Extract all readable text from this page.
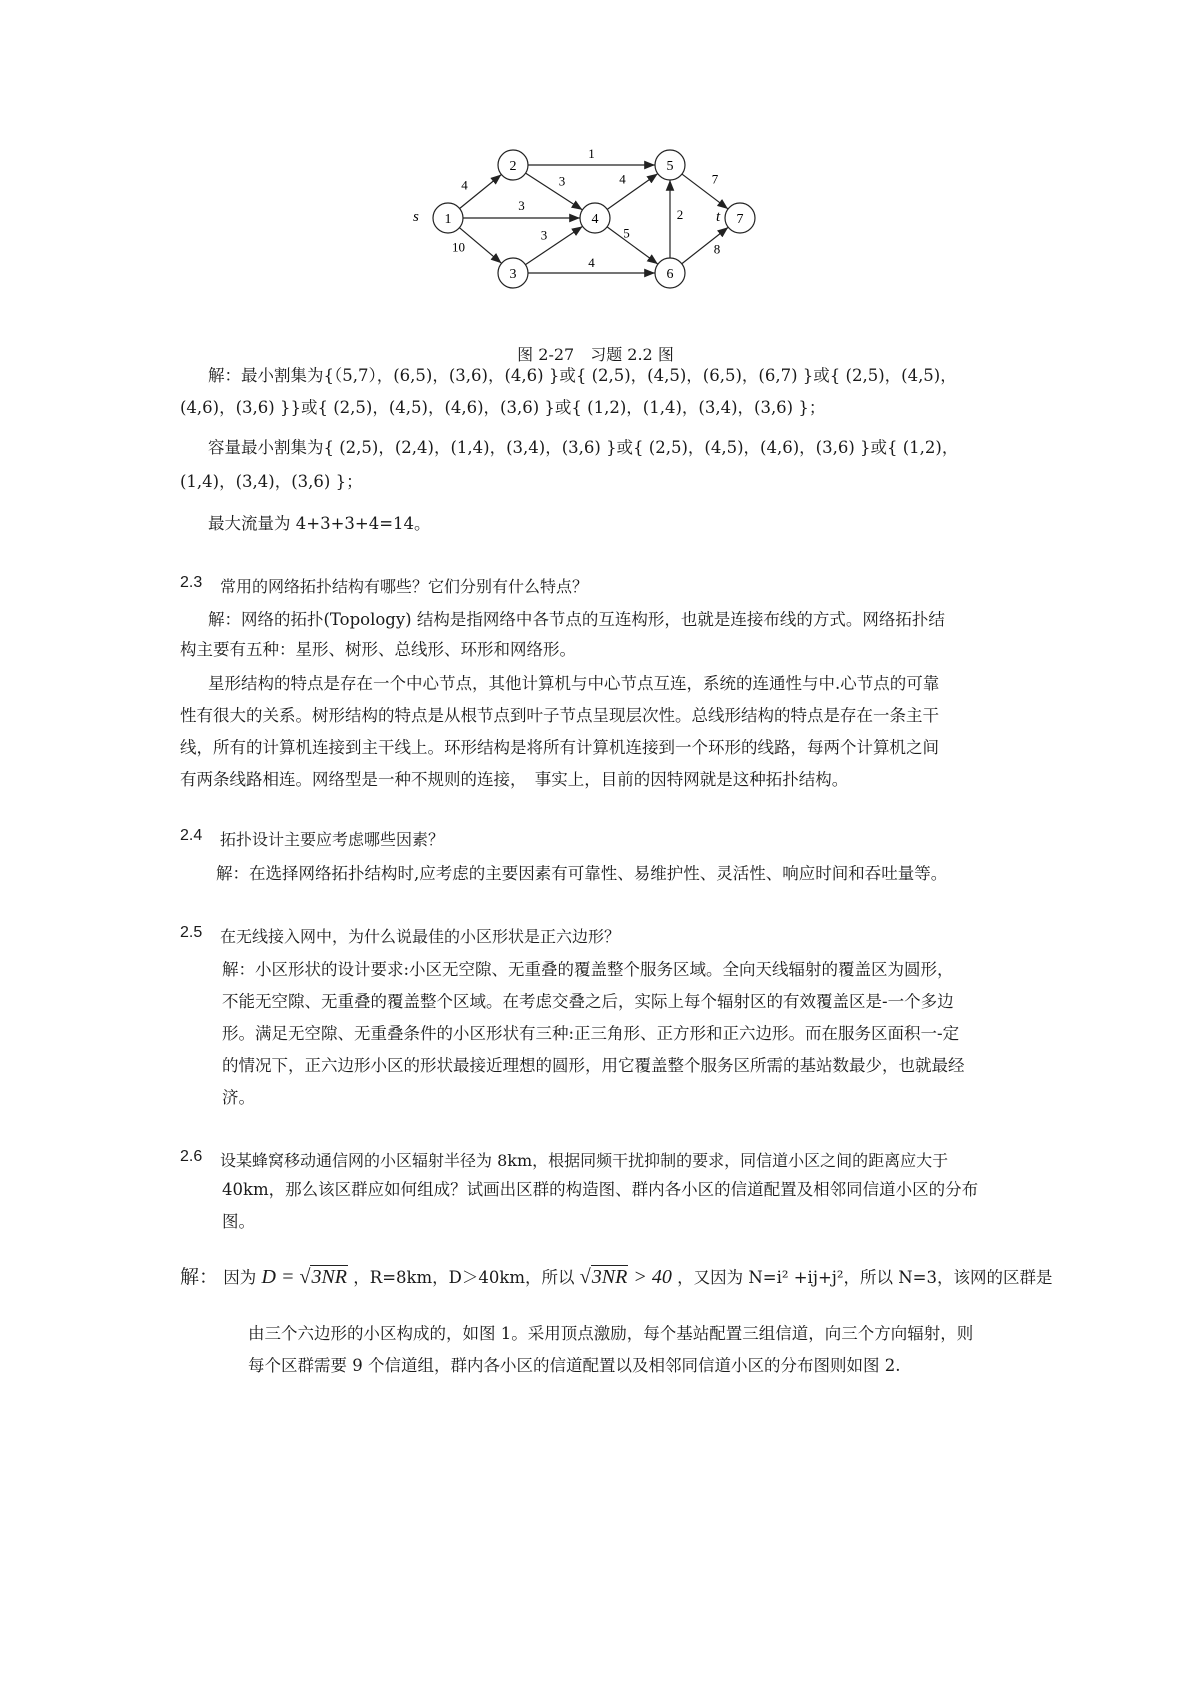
4
3
10
1
3
3
4
4
5
2
7
8
1
2
3
4
5
6
7
s	t
图 2-27　习题 2.2 图
解：最小割集为{（5,7），(6,5)，(3,6)，(4,6) }或{ (2,5)，(4,5)，(6,5)，(6,7) }或{ (2,5)，(4,5)，
(4,6)，(3,6) }}或{ (2,5)，(4,5)，(4,6)，(3,6) }或{ (1,2)，(1,4)，(3,4)，(3,6) }；
容量最小割集为{ (2,5)，(2,4)，(1,4)，(3,4)，(3,6) }或{ (2,5)，(4,5)，(4,6)，(3,6) }或{ (1,2)，
(1,4)，(3,4)，(3,6) }；
最大流量为 4+3+3+4=14。
2.3 常用的网络拓扑结构有哪些？它们分别有什么特点？
解：网络的拓扑(Topology) 结构是指网络中各节点的互连构形，也就是连接布线的方式。网络拓扑结
构主要有五种：星形、树形、总线形、环形和网络形。
星形结构的特点是存在一个中心节点，其他计算机与中心节点互连，系统的连通性与中.心节点的可靠
性有很大的关系。树形结构的特点是从根节点到叶子节点呈现层次性。总线形结构的特点是存在一条主干
线，所有的计算机连接到主干线上。环形结构是将所有计算机连接到一个环形的线路，每两个计算机之间
有两条线路相连。网络型是一种不规则的连接，　事实上，目前的因特网就是这种拓扑结构。
2.4 拓扑设计主要应考虑哪些因素？
解：在选择网络拓扑结构时,应考虑的主要因素有可靠性、易维护性、灵活性、响应时间和吞吐量等。
2.5 在无线接入网中，为什么说最佳的小区形状是正六边形？
解：小区形状的设计要求:小区无空隙、无重叠的覆盖整个服务区域。全向天线辐射的覆盖区为圆形，
不能无空隙、无重叠的覆盖整个区域。在考虑交叠之后，实际上每个辐射区的有效覆盖区是-一个多边
形。满足无空隙、无重叠条件的小区形状有三种:正三角形、正方形和正六边形。而在服务区面积一-定
的情况下，正六边形小区的形状最接近理想的圆形，用它覆盖整个服务区所需的基站数最少，也就最经
济。
2.6 设某蜂窝移动通信网的小区辐射半径为 8km，根据同频干扰抑制的要求，同信道小区之间的距离应大于
40km，那么该区群应如何组成？试画出区群的构造图、群内各小区的信道配置及相邻同信道小区的分布
图。
解： 因为 D = √3NR ，R=8km，D＞40km，所以 √3NR > 40 ，又因为 N=i² +ij+j²，所以 N=3，该网的区群是
由三个六边形的小区构成的，如图 1。采用顶点激励，每个基站配置三组信道，向三个方向辐射，则
每个区群需要 9 个信道组，群内各小区的信道配置以及相邻同信道小区的分布图则如图 2.
